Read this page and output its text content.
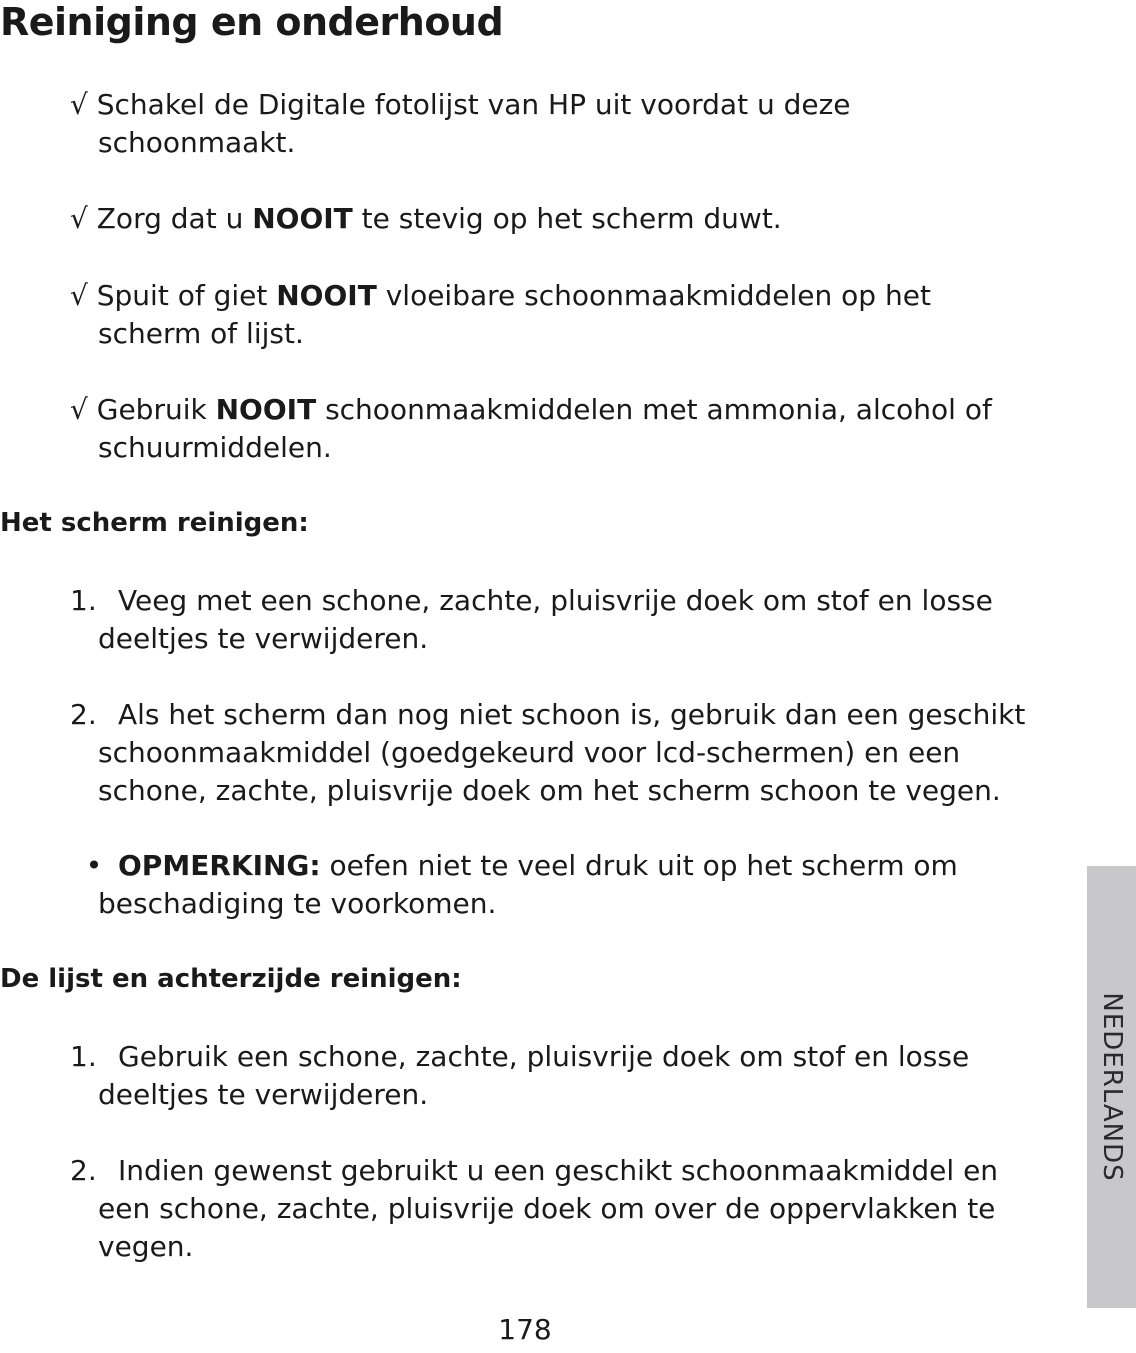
Reiniging en onderhoud
√ Schakel de Digitale fotolijst van HP uit voordat u deze
schoonmaakt.
√ Zorg dat u NOOIT te stevig op het scherm duwt.
√ Spuit of giet NOOIT vloeibare schoonmaakmiddelen op het
scherm of lijst.
√ Gebruik NOOIT schoonmaakmiddelen met ammonia, alcohol of
schuurmiddelen.
Het scherm reinigen:
1. Veeg met een schone, zachte, pluisvrije doek om stof en losse
deeltjes te verwijderen.
2. Als het scherm dan nog niet schoon is, gebruik dan een geschikt
schoonmaakmiddel (goedgekeurd voor lcd-schermen) en een
schone, zachte, pluisvrije doek om het scherm schoon te vegen.
• OPMERKING: oefen niet te veel druk uit op het scherm om
beschadiging te voorkomen.
De lijst en achterzijde reinigen:
1. Gebruik een schone, zachte, pluisvrije doek om stof en losse
deeltjes te verwijderen.
2. Indien gewenst gebruikt u een geschikt schoonmaakmiddel en
een schone, zachte, pluisvrije doek om over de oppervlakken te
vegen.
NEDERLANDS
178
